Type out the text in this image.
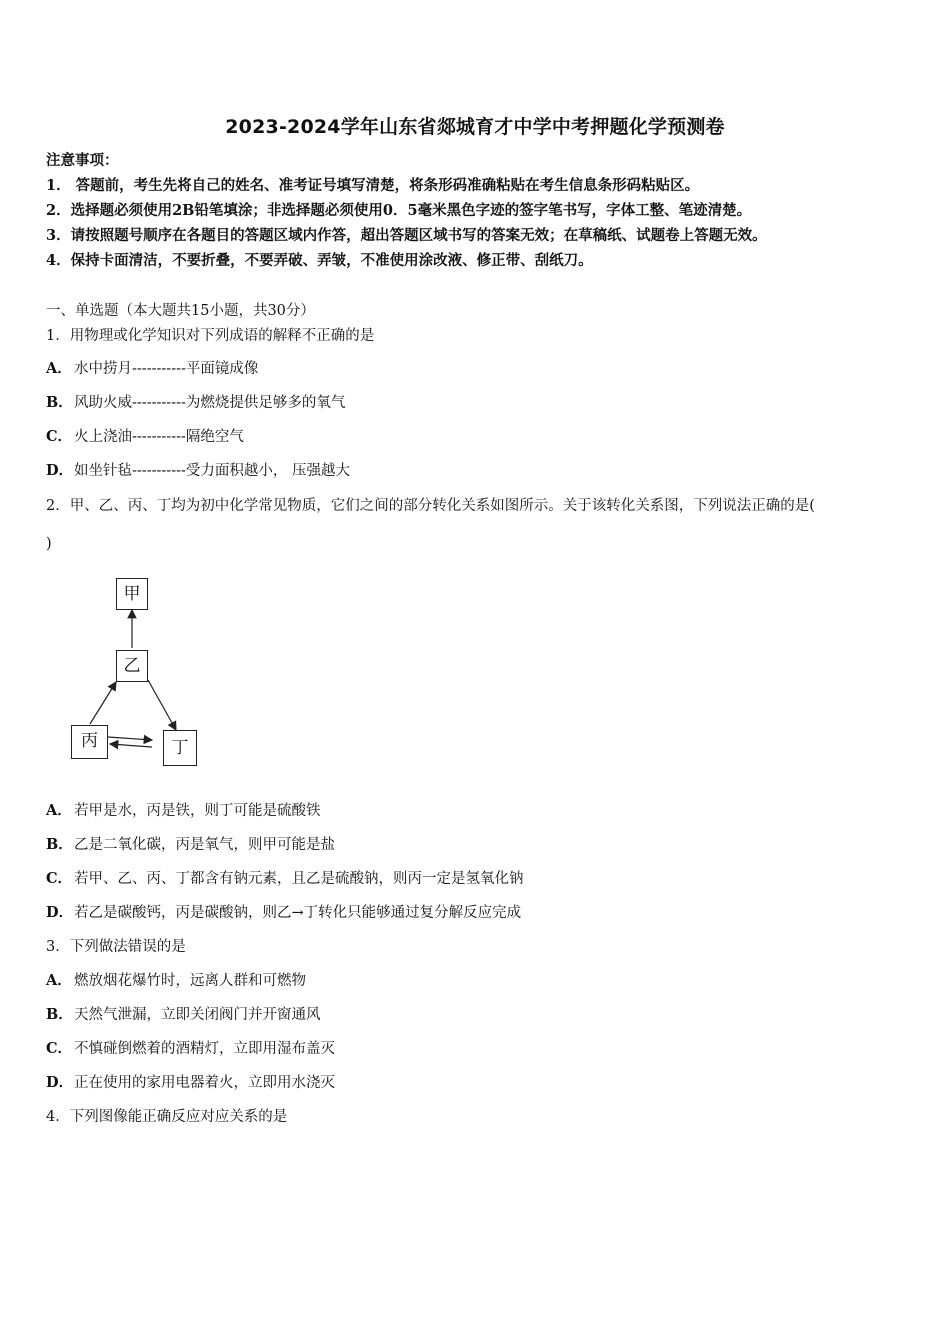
2023-2024学年山东省郯城育才中学中考押题化学预测卷
注意事项：
1． 答题前，考生先将自己的姓名、准考证号填写清楚，将条形码准确粘贴在考生信息条形码粘贴区。
2．选择题必须使用2B铅笔填涂；非选择题必须使用0．5毫米黑色字迹的签字笔书写，字体工整、笔迹清楚。
3．请按照题号顺序在各题目的答题区域内作答，超出答题区域书写的答案无效；在草稿纸、试题卷上答题无效。
4．保持卡面清洁，不要折叠，不要弄破、弄皱，不准使用涂改液、修正带、刮纸刀。
一、单选题（本大题共15小题，共30分）
1．用物理或化学知识对下列成语的解释不正确的是
A． 水中捞月-----------平面镜成像
B．风助火威-----------为燃烧提供足够多的氧气
C． 火上浇油-----------隔绝空气
D．如坐针毡-----------受力面积越小， 压强越大
2．甲、乙、丙、丁均为初中化学常见物质，它们之间的部分转化关系如图所示。关于该转化关系图，下列说法正确的是(
)
甲
乙
丙	丁
A． 若甲是水，丙是铁，则丁可能是硫酸铁
B．乙是二氧化碳，丙是氧气，则甲可能是盐
C． 若甲、乙、丙、丁都含有钠元素，且乙是硫酸钠，则丙一定是氢氧化钠
D．若乙是碳酸钙，丙是碳酸钠，则乙→丁转化只能够通过复分解反应完成
3．下列做法错误的是
A． 燃放烟花爆竹时，远离人群和可燃物
B．天然气泄漏，立即关闭阀门并开窗通风
C． 不慎碰倒燃着的酒精灯，立即用湿布盖灭
D．正在使用的家用电器着火，立即用水浇灭
4．下列图像能正确反应对应关系的是
